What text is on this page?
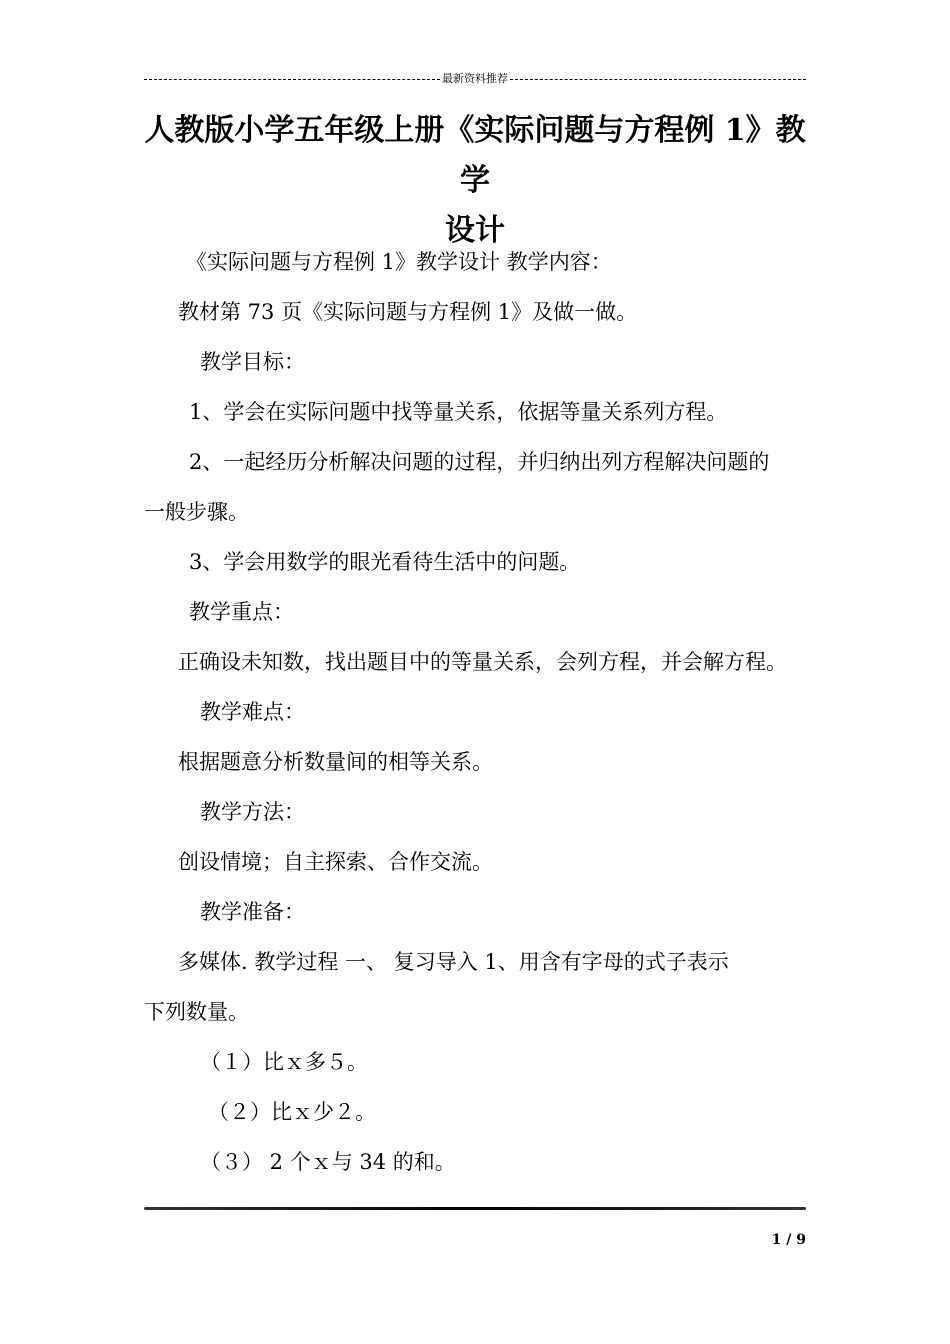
最新资料推荐
人教版小学五年级上册《实际问题与方程例 1》教学
设计
《实际问题与方程例 1》教学设计 教学内容：
教材第 73 页《实际问题与方程例 1》及做一做。
教学目标：
1、学会在实际问题中找等量关系，依据等量关系列方程。
2、一起经历分析解决问题的过程，并归纳出列方程解决问题的
一般步骤。
3、学会用数学的眼光看待生活中的问题。
教学重点：
正确设未知数，找出题目中的等量关系，会列方程，并会解方程。
教学难点：
根据题意分析数量间的相等关系。
教学方法：
创设情境；自主探索、合作交流。
教学准备：
多媒体. 教学过程 一、 复习导入 1、用含有字母的式子表示
下列数量。
（１）比ｘ多５。
（２）比ｘ少２。
（３） 2 个ｘ与 34 的和。
1 / 9
